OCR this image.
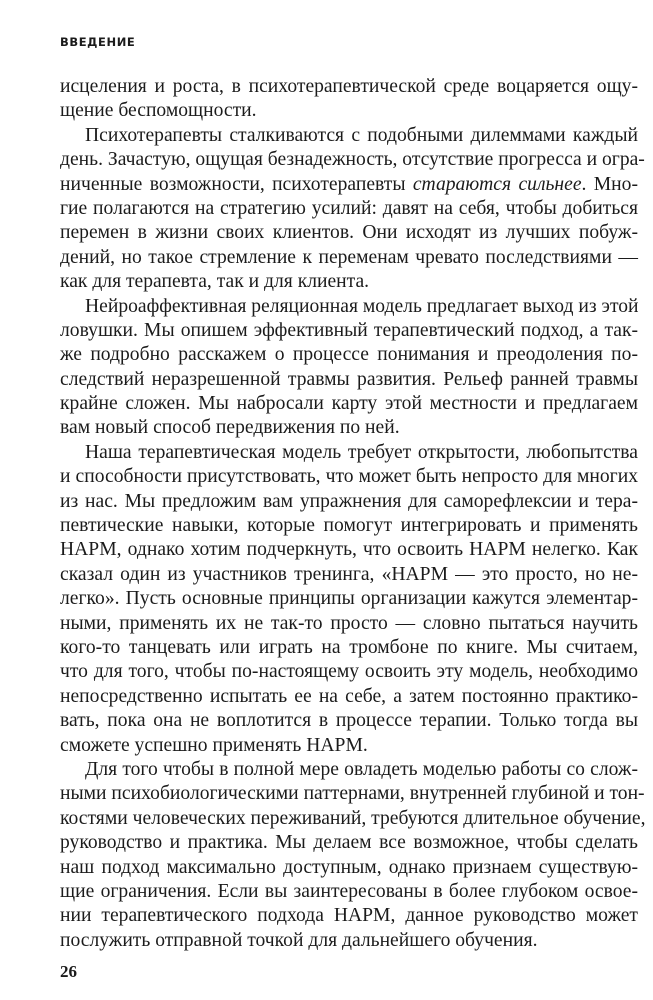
ВВЕДЕНИЕ

исцеления и роста, в психотерапевтической среде воцаряется ощу-
щение беспомощности.

Психотерапевты сталкиваются с подобными дилеммами каждый
день. Зачастую, ощущая безнадежность, отсутствие прогресса и огра-
ниченные возможности, психотерапевты стараются сильнее. Мно-
гие полагаются на стратегию усилий: давят на себя, чтобы добиться
перемен в жизни своих клиентов. Они исходят из лучших побуж-
дений, но такое стремление к переменам чревато последствиями —
как для терапевта, так и для клиента.

Нейроаффективная реляционная модель предлагает выход из этой
ловушки. Мы опишем эффективный терапевтический подход, а так-
же подробно расскажем о процессе понимания и преодоления по-
следствий неразрешенной травмы развития. Рельеф ранней травмы
крайне сложен. Мы набросали карту этой местности и предлагаем
вам новый способ передвижения по ней.

Наша терапевтическая модель требует открытости, любопытства
и способности присутствовать, что может быть непросто для многих
из нас. Мы предложим вам упражнения для саморефлексии и тера-
певтические навыки, которые помогут интегрировать и применять
НАРМ, однако хотим подчеркнуть, что освоить НАРМ нелегко. Как
сказал один из участников тренинга, «НАРМ — это просто, но не-
легко». Пусть основные принципы организации кажутся элементар-
ными, применять их не так-то просто — словно пытаться научить
кого-то танцевать или играть на тромбоне по книге. Мы считаем,
что для того, чтобы по-настоящему освоить эту модель, необходимо
непосредственно испытать ее на себе, а затем постоянно практико-
вать, пока она не воплотится в процессе терапии. Только тогда вы
сможете успешно применять НАРМ.

Для того чтобы в полной мере овладеть моделью работы со слож-
ными психобиологическими паттернами, внутренней глубиной и тон-
костями человеческих переживаний, требуются длительное обучение,
руководство и практика. Мы делаем все возможное, чтобы сделать
наш подход максимально доступным, однако признаем существую-
щие ограничения. Если вы заинтересованы в более глубоком освое-
нии терапевтического подхода НАРМ, данное руководство может
послужить отправной точкой для дальнейшего обучения.

26
